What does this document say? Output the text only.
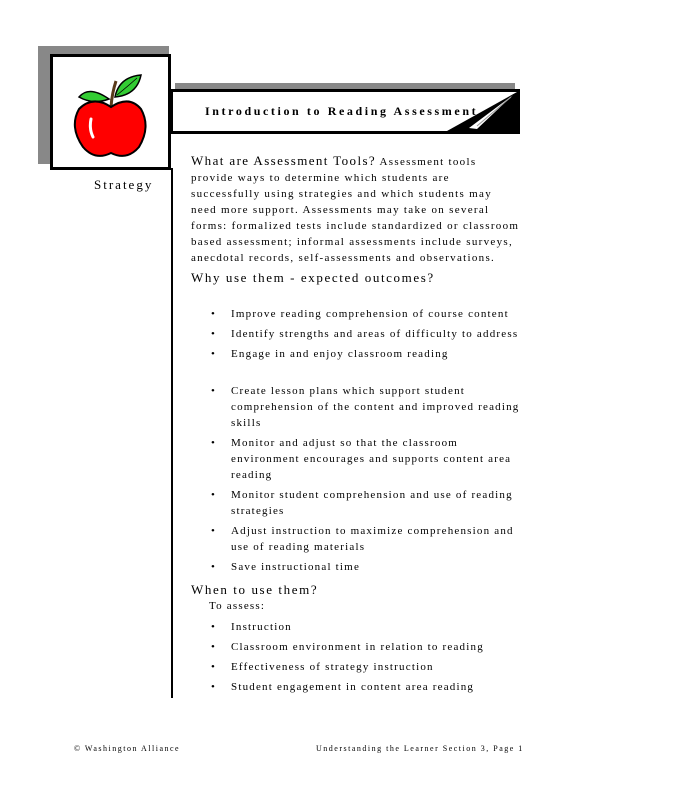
Introduction to Reading Assessment
Strategy
What are Assessment Tools? Assessment tools provide ways to determine which students are successfully using strategies and which students may need more support. Assessments may take on several forms: formalized tests include standardized or classroom based assessment; informal assessments include surveys, anecdotal records, self-assessments and observations.
Why use them - expected outcomes?
• Improve reading comprehension of course content
• Identify strengths and areas of difficulty to address
• Engage in and enjoy classroom reading
• Create lesson plans which support student comprehension of the content and improved reading skills
• Monitor and adjust so that the classroom environment encourages and supports content area reading
• Monitor student comprehension and use of reading strategies
• Adjust instruction to maximize comprehension and use of reading materials
• Save instructional time
When to use them?
To assess:
• Instruction
• Classroom environment in relation to reading
• Effectiveness of strategy instruction
• Student engagement in content area reading
© Washington Alliance	Understanding the Learner Section 3, Page 1
